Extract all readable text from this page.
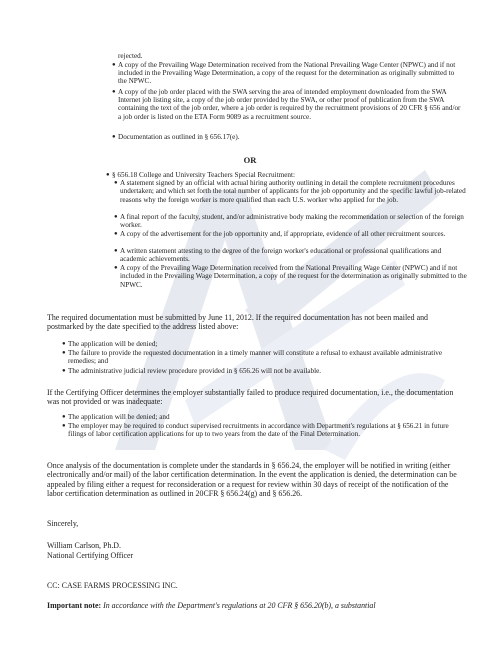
rejected.
● A copy of the Prevailing Wage Determination received from the National Prevailing Wage Center (NPWC) and if not included in the Prevailing Wage Determination, a copy of the request for the determination as originally submitted to the NPWC.
● A copy of the job order placed with the SWA serving the area of intended employment downloaded from the SWA Internet job listing site, a copy of the job order provided by the SWA, or other proof of publication from the SWA containing the text of the job order, where a job order is required by the recruitment provisions of 20 CFR § 656 and/or a job order is listed on the ETA Form 9089 as a recruitment source.
● Documentation as outlined in § 656.17(e).
OR
● § 656.18 College and University Teachers Special Recruitment:
● A statement signed by an official with actual hiring authority outlining in detail the complete recruitment procedures undertaken; and which set forth the total number of applicants for the job opportunity and the specific lawful job-related reasons why the foreign worker is more qualified than each U.S. worker who applied for the job.
● A final report of the faculty, student, and/or administrative body making the recommendation or selection of the foreign worker.
● A copy of the advertisement for the job opportunity and, if appropriate, evidence of all other recruitment sources.
● A written statement attesting to the degree of the foreign worker's educational or professional qualifications and academic achievements.
● A copy of the Prevailing Wage Determination received from the National Prevailing Wage Center (NPWC) and if not included in the Prevailing Wage Determination, a copy of the request for the determination as originally submitted to the NPWC.
The required documentation must be submitted by June 11, 2012. If the required documentation has not been mailed and postmarked by the date specified to the address listed above:
● The application will be denied;
● The failure to provide the requested documentation in a timely manner will constitute a refusal to exhaust available administrative remedies; and
● The administrative judicial review procedure provided in § 656.26 will not be available.
If the Certifying Officer determines the employer substantially failed to produce required documentation, i.e., the documentation was not provided or was inadequate:
● The application will be denied; and
● The employer may be required to conduct supervised recruitments in accordance with Department's regulations at § 656.21 in future filings of labor certification applications for up to two years from the date of the Final Determination.
Once analysis of the documentation is complete under the standards in § 656.24, the employer will be notified in writing (either electronically and/or mail) of the labor certification determination. In the event the application is denied, the determination can be appealed by filing either a request for reconsideration or a request for review within 30 days of receipt of the notification of the labor certification determination as outlined in 20CFR § 656.24(g) and § 656.26.
Sincerely,
William Carlson, Ph.D.
National Certifying Officer
CC: CASE FARMS PROCESSING INC.
Important note: In accordance with the Department's regulations at 20 CFR § 656.20(b), a substantial
